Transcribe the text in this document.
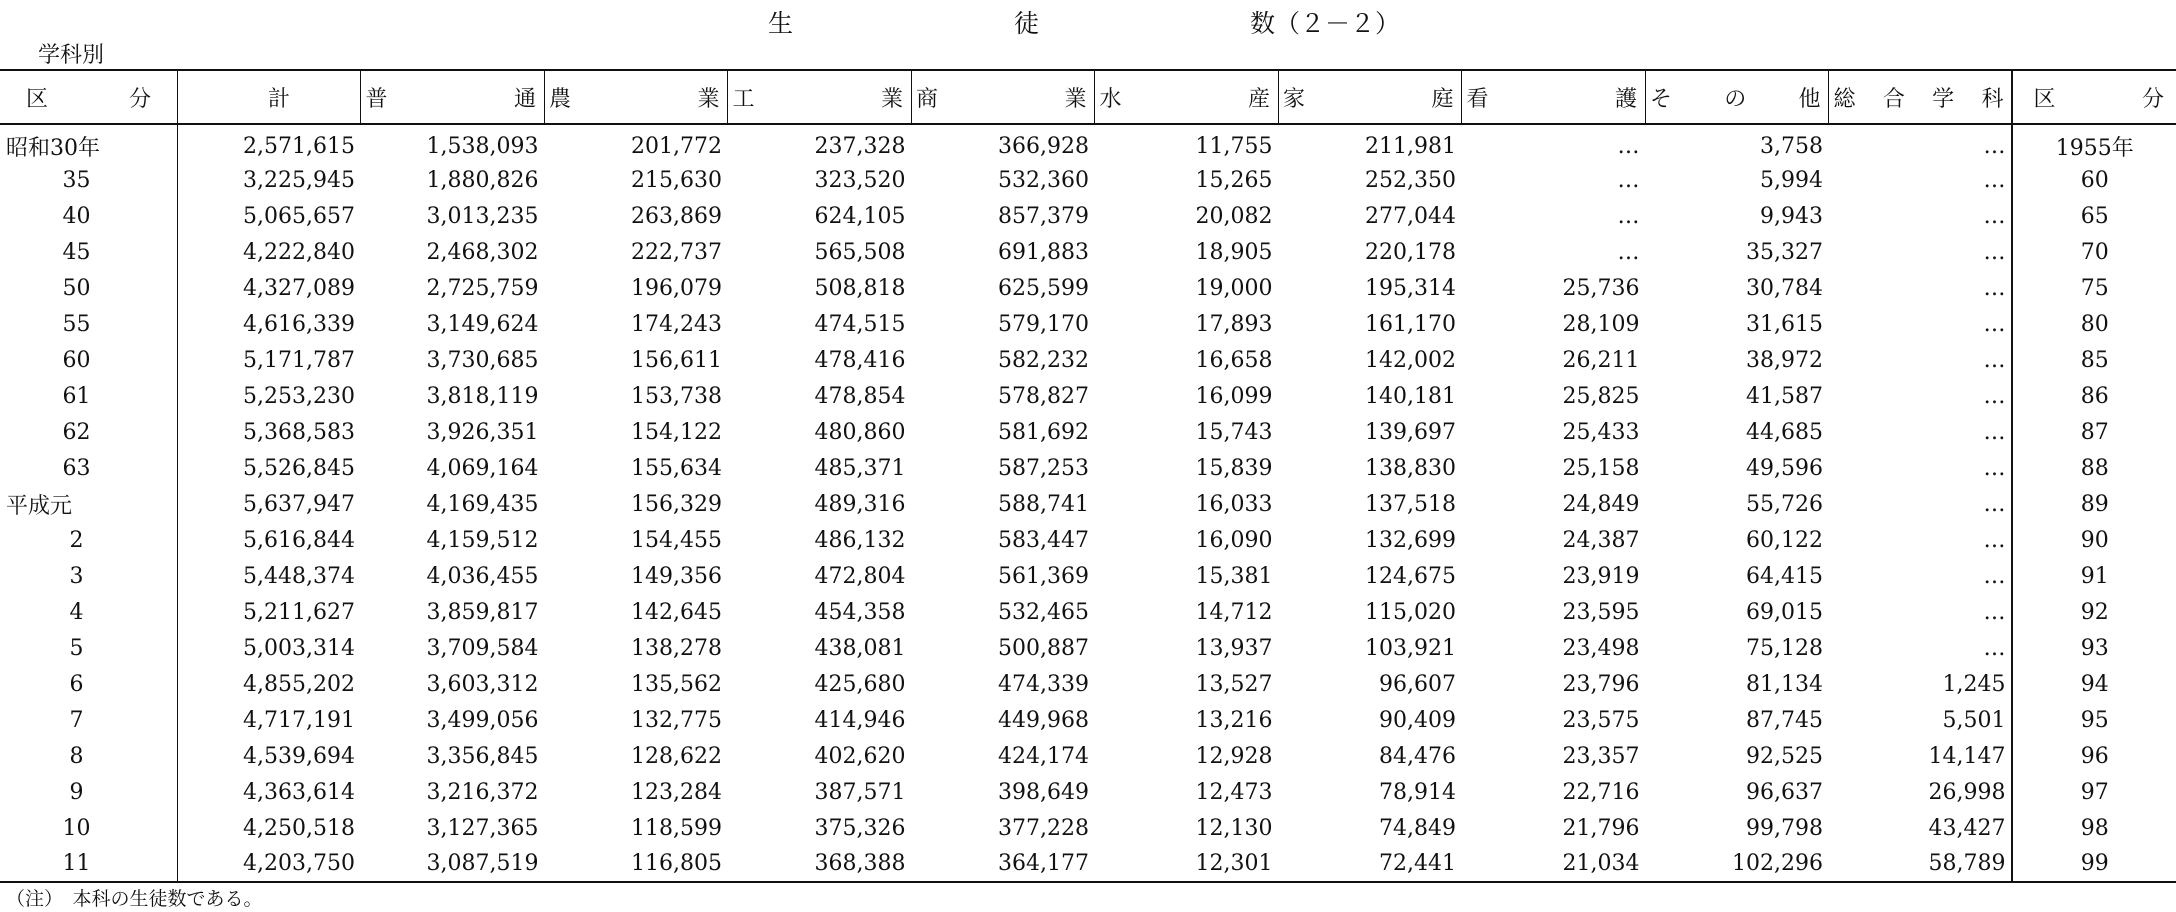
生	徒	数（２－２）
学科別
区　分	計	普　通	農　業	工　業	商　業	水　産	家　庭	看　護	そ の 他	総合学科	区　分
昭和30年	2,571,615	1,538,093	201,772	237,328	366,928	11,755	211,981	…	3,758	…	1955年
35	3,225,945	1,880,826	215,630	323,520	532,360	15,265	252,350	…	5,994	…	60
40	5,065,657	3,013,235	263,869	624,105	857,379	20,082	277,044	…	9,943	…	65
45	4,222,840	2,468,302	222,737	565,508	691,883	18,905	220,178	…	35,327	…	70
50	4,327,089	2,725,759	196,079	508,818	625,599	19,000	195,314	25,736	30,784	…	75
55	4,616,339	3,149,624	174,243	474,515	579,170	17,893	161,170	28,109	31,615	…	80
60	5,171,787	3,730,685	156,611	478,416	582,232	16,658	142,002	26,211	38,972	…	85
61	5,253,230	3,818,119	153,738	478,854	578,827	16,099	140,181	25,825	41,587	…	86
62	5,368,583	3,926,351	154,122	480,860	581,692	15,743	139,697	25,433	44,685	…	87
63	5,526,845	4,069,164	155,634	485,371	587,253	15,839	138,830	25,158	49,596	…	88
平成元	5,637,947	4,169,435	156,329	489,316	588,741	16,033	137,518	24,849	55,726	…	89
2	5,616,844	4,159,512	154,455	486,132	583,447	16,090	132,699	24,387	60,122	…	90
3	5,448,374	4,036,455	149,356	472,804	561,369	15,381	124,675	23,919	64,415	…	91
4	5,211,627	3,859,817	142,645	454,358	532,465	14,712	115,020	23,595	69,015	…	92
5	5,003,314	3,709,584	138,278	438,081	500,887	13,937	103,921	23,498	75,128	…	93
6	4,855,202	3,603,312	135,562	425,680	474,339	13,527	96,607	23,796	81,134	1,245	94
7	4,717,191	3,499,056	132,775	414,946	449,968	13,216	90,409	23,575	87,745	5,501	95
8	4,539,694	3,356,845	128,622	402,620	424,174	12,928	84,476	23,357	92,525	14,147	96
9	4,363,614	3,216,372	123,284	387,571	398,649	12,473	78,914	22,716	96,637	26,998	97
10	4,250,518	3,127,365	118,599	375,326	377,228	12,130	74,849	21,796	99,798	43,427	98
11	4,203,750	3,087,519	116,805	368,388	364,177	12,301	72,441	21,034	102,296	58,789	99
（注）　本科の生徒数である。
